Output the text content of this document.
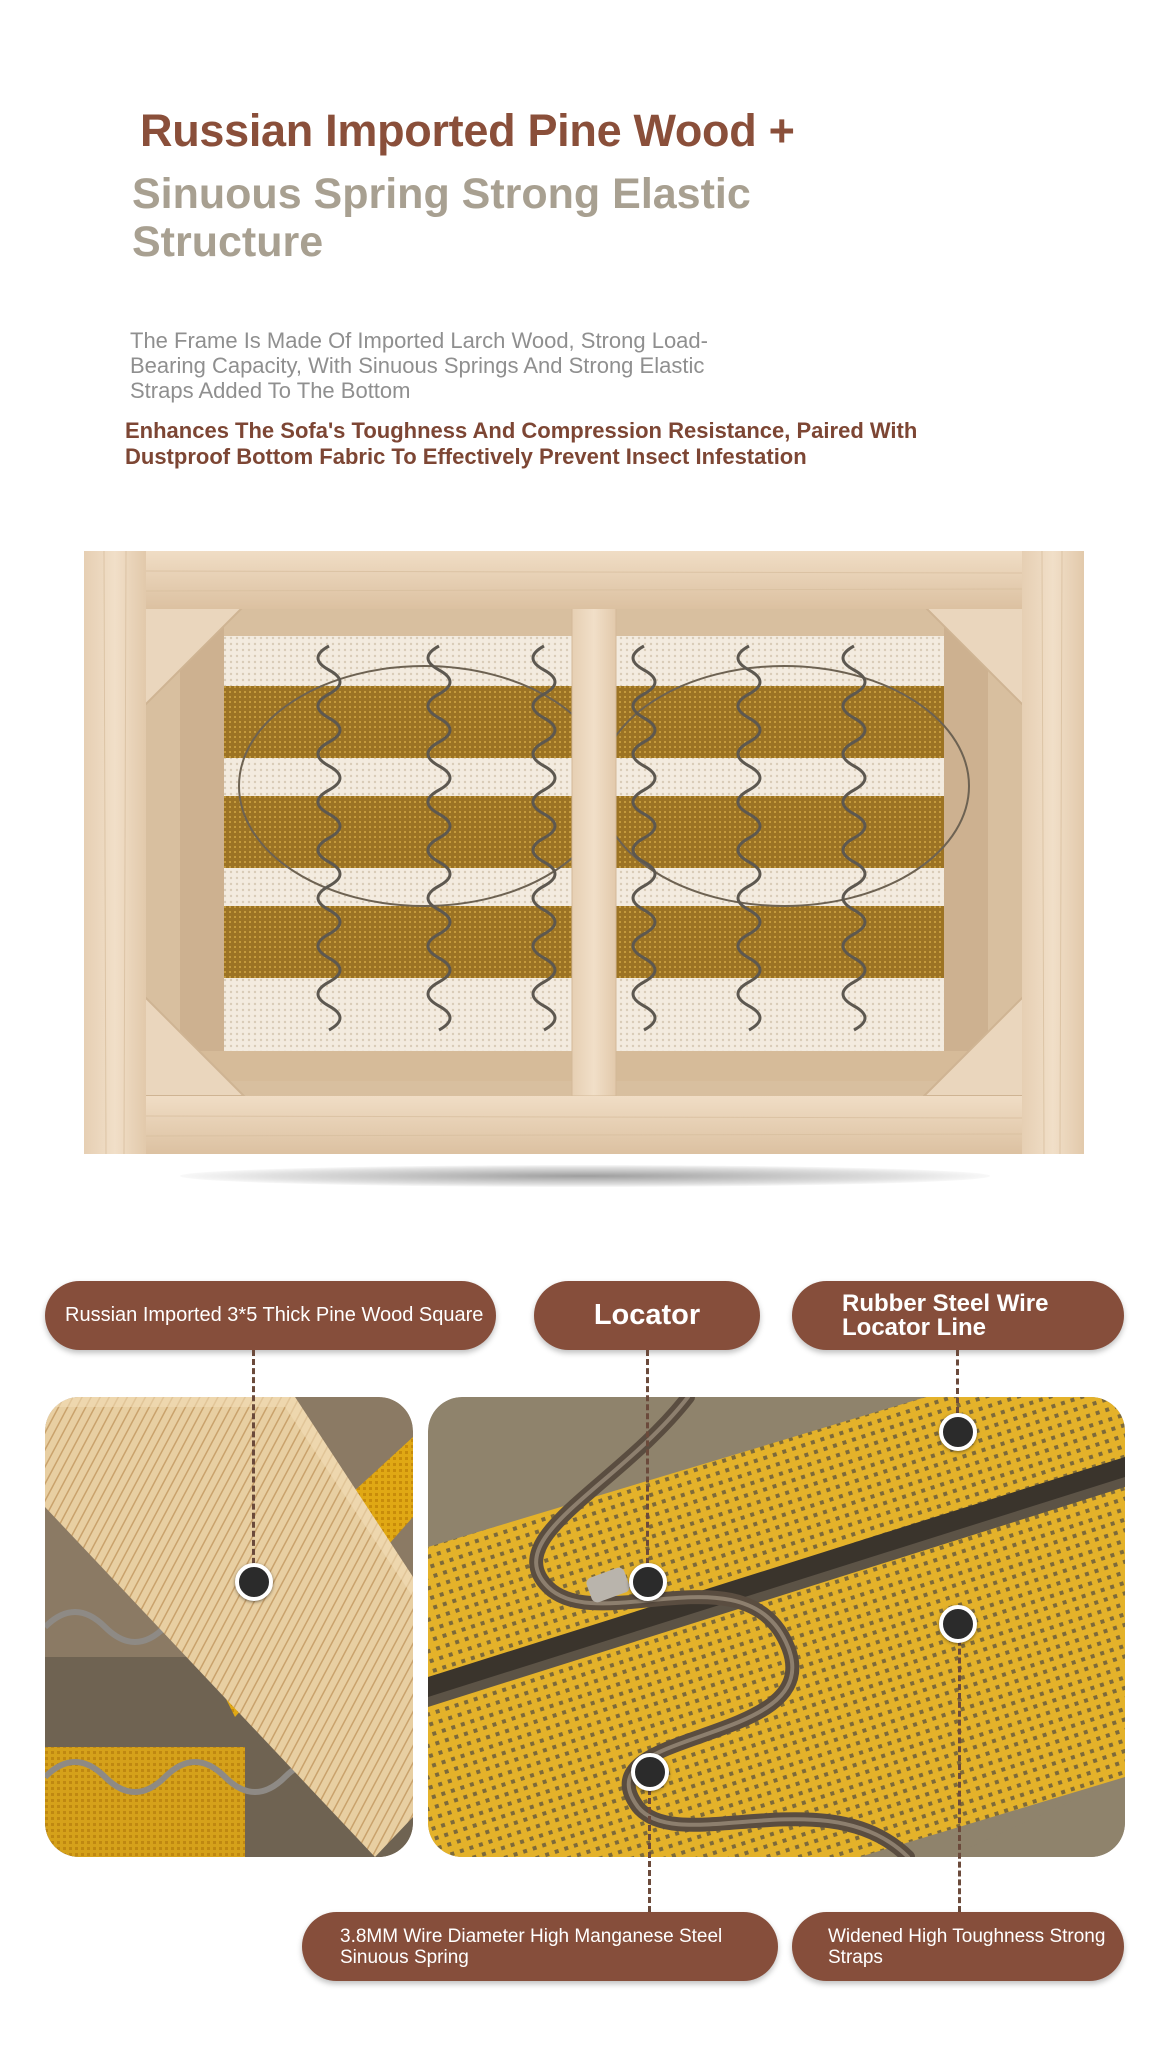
Russian Imported Pine Wood +
Sinuous Spring Strong Elastic Structure
The Frame Is Made Of Imported Larch Wood, Strong Load-Bearing Capacity, With Sinuous Springs And Strong Elastic Straps Added To The Bottom
Enhances The Sofa's Toughness And Compression Resistance, Paired With Dustproof Bottom Fabric To Effectively Prevent Insect Infestation
Russian Imported 3*5 Thick Pine Wood Square	Locator	Rubber Steel Wire Locator Line
3.8MM Wire Diameter High Manganese Steel Sinuous Spring
Widened High Toughness Strong Straps
